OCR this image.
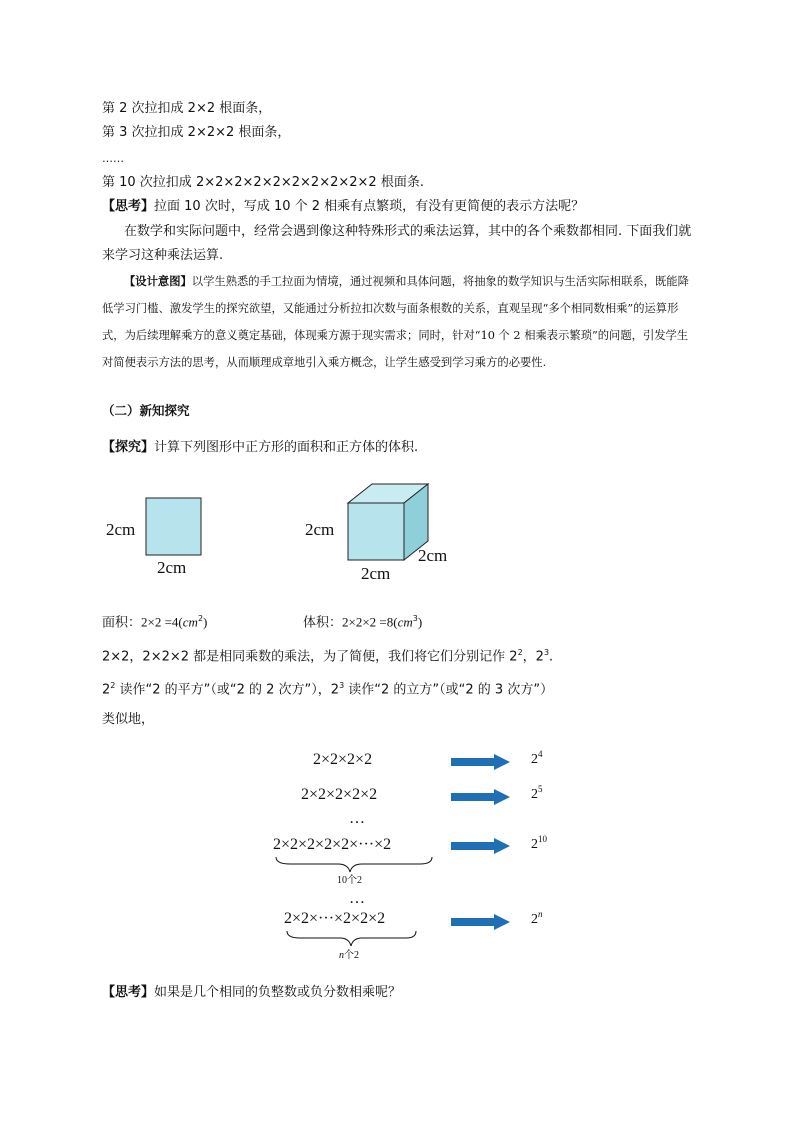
第 2 次拉扣成 2×2 根面条，
第 3 次拉扣成 2×2×2 根面条，
……
第 10 次拉扣成 2×2×2×2×2×2×2×2×2×2 根面条.
【思考】拉面 10 次时，写成 10 个 2 相乘有点繁琐，有没有更简便的表示方法呢？
在数学和实际问题中，经常会遇到像这种特殊形式的乘法运算，其中的各个乘数都相同. 下面我们就
来学习这种乘法运算.
【设计意图】以学生熟悉的手工拉面为情境，通过视频和具体问题，将抽象的数学知识与生活实际相联系，既能降低学习门槛、激发学生的探究欲望，又能通过分析拉扣次数与面条根数的关系，直观呈现“多个相同数相乘”的运算形式，为后续理解乘方的意义奠定基础，体现乘方源于现实需求；同时，针对“10 个 2 相乘表示繁琐”的问题，引发学生对简便表示方法的思考，从而顺理成章地引入乘方概念，让学生感受到学习乘方的必要性.
（二）新知探究
【探究】计算下列图形中正方形的面积和正方体的体积.
2cm
2cm
2cm
2cm
2cm
面积：$2\times 2 =4(cm^2)$	体积：$2\times 2\times 2 =8(cm^3)$
2×2，2×2×2 都是相同乘数的乘法，为了简便，我们将它们分别记作 $2^2$，$2^3$.
$2^2$ 读作“2 的平方”（或“2 的 2 次方”），$2^3$ 读作“2 的立方”（或“2 的 3 次方”）
类似地，
2×2×2×2
2×2×2×2×2
…
2×2×2×2×2×···×2
…
2×2×···×2×2×2
10个2
n个2
$2^4$
$2^5$
$2^{10}$
2$^n$
【思考】如果是几个相同的负整数或负分数相乘呢？
